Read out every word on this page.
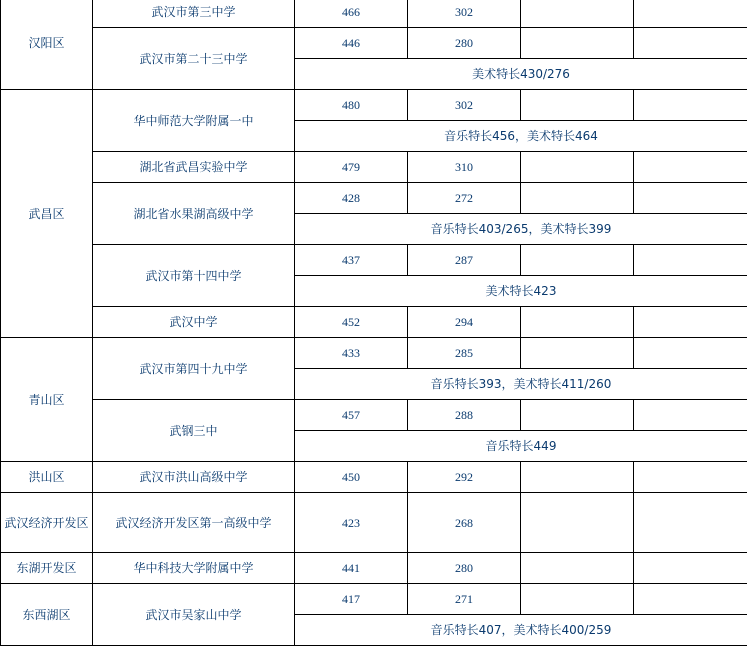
汉阳区	武汉市第三中学	466	302		
	武汉市第二十三中学	446	280		
		美术特长430/276			
武昌区	华中师范大学附属一中	480	302		
		音乐特长456，美术特长464			
	湖北省武昌实验中学	479	310		
	湖北省水果湖高级中学	428	272		
		音乐特长403/265，美术特长399			
	武汉市第十四中学	437	287		
		美术特长423			
	武汉中学	452	294		
青山区	武汉市第四十九中学	433	285		
		音乐特长393，美术特长411/260			
	武钢三中	457	288		
		音乐特长449			
洪山区	武汉市洪山高级中学	450	292		
武汉经济开发区	武汉经济开发区第一高级中学	423	268		
东湖开发区	华中科技大学附属中学	441	280		
东西湖区	武汉市吴家山中学	417	271		
		音乐特长407，美术特长400/259			
